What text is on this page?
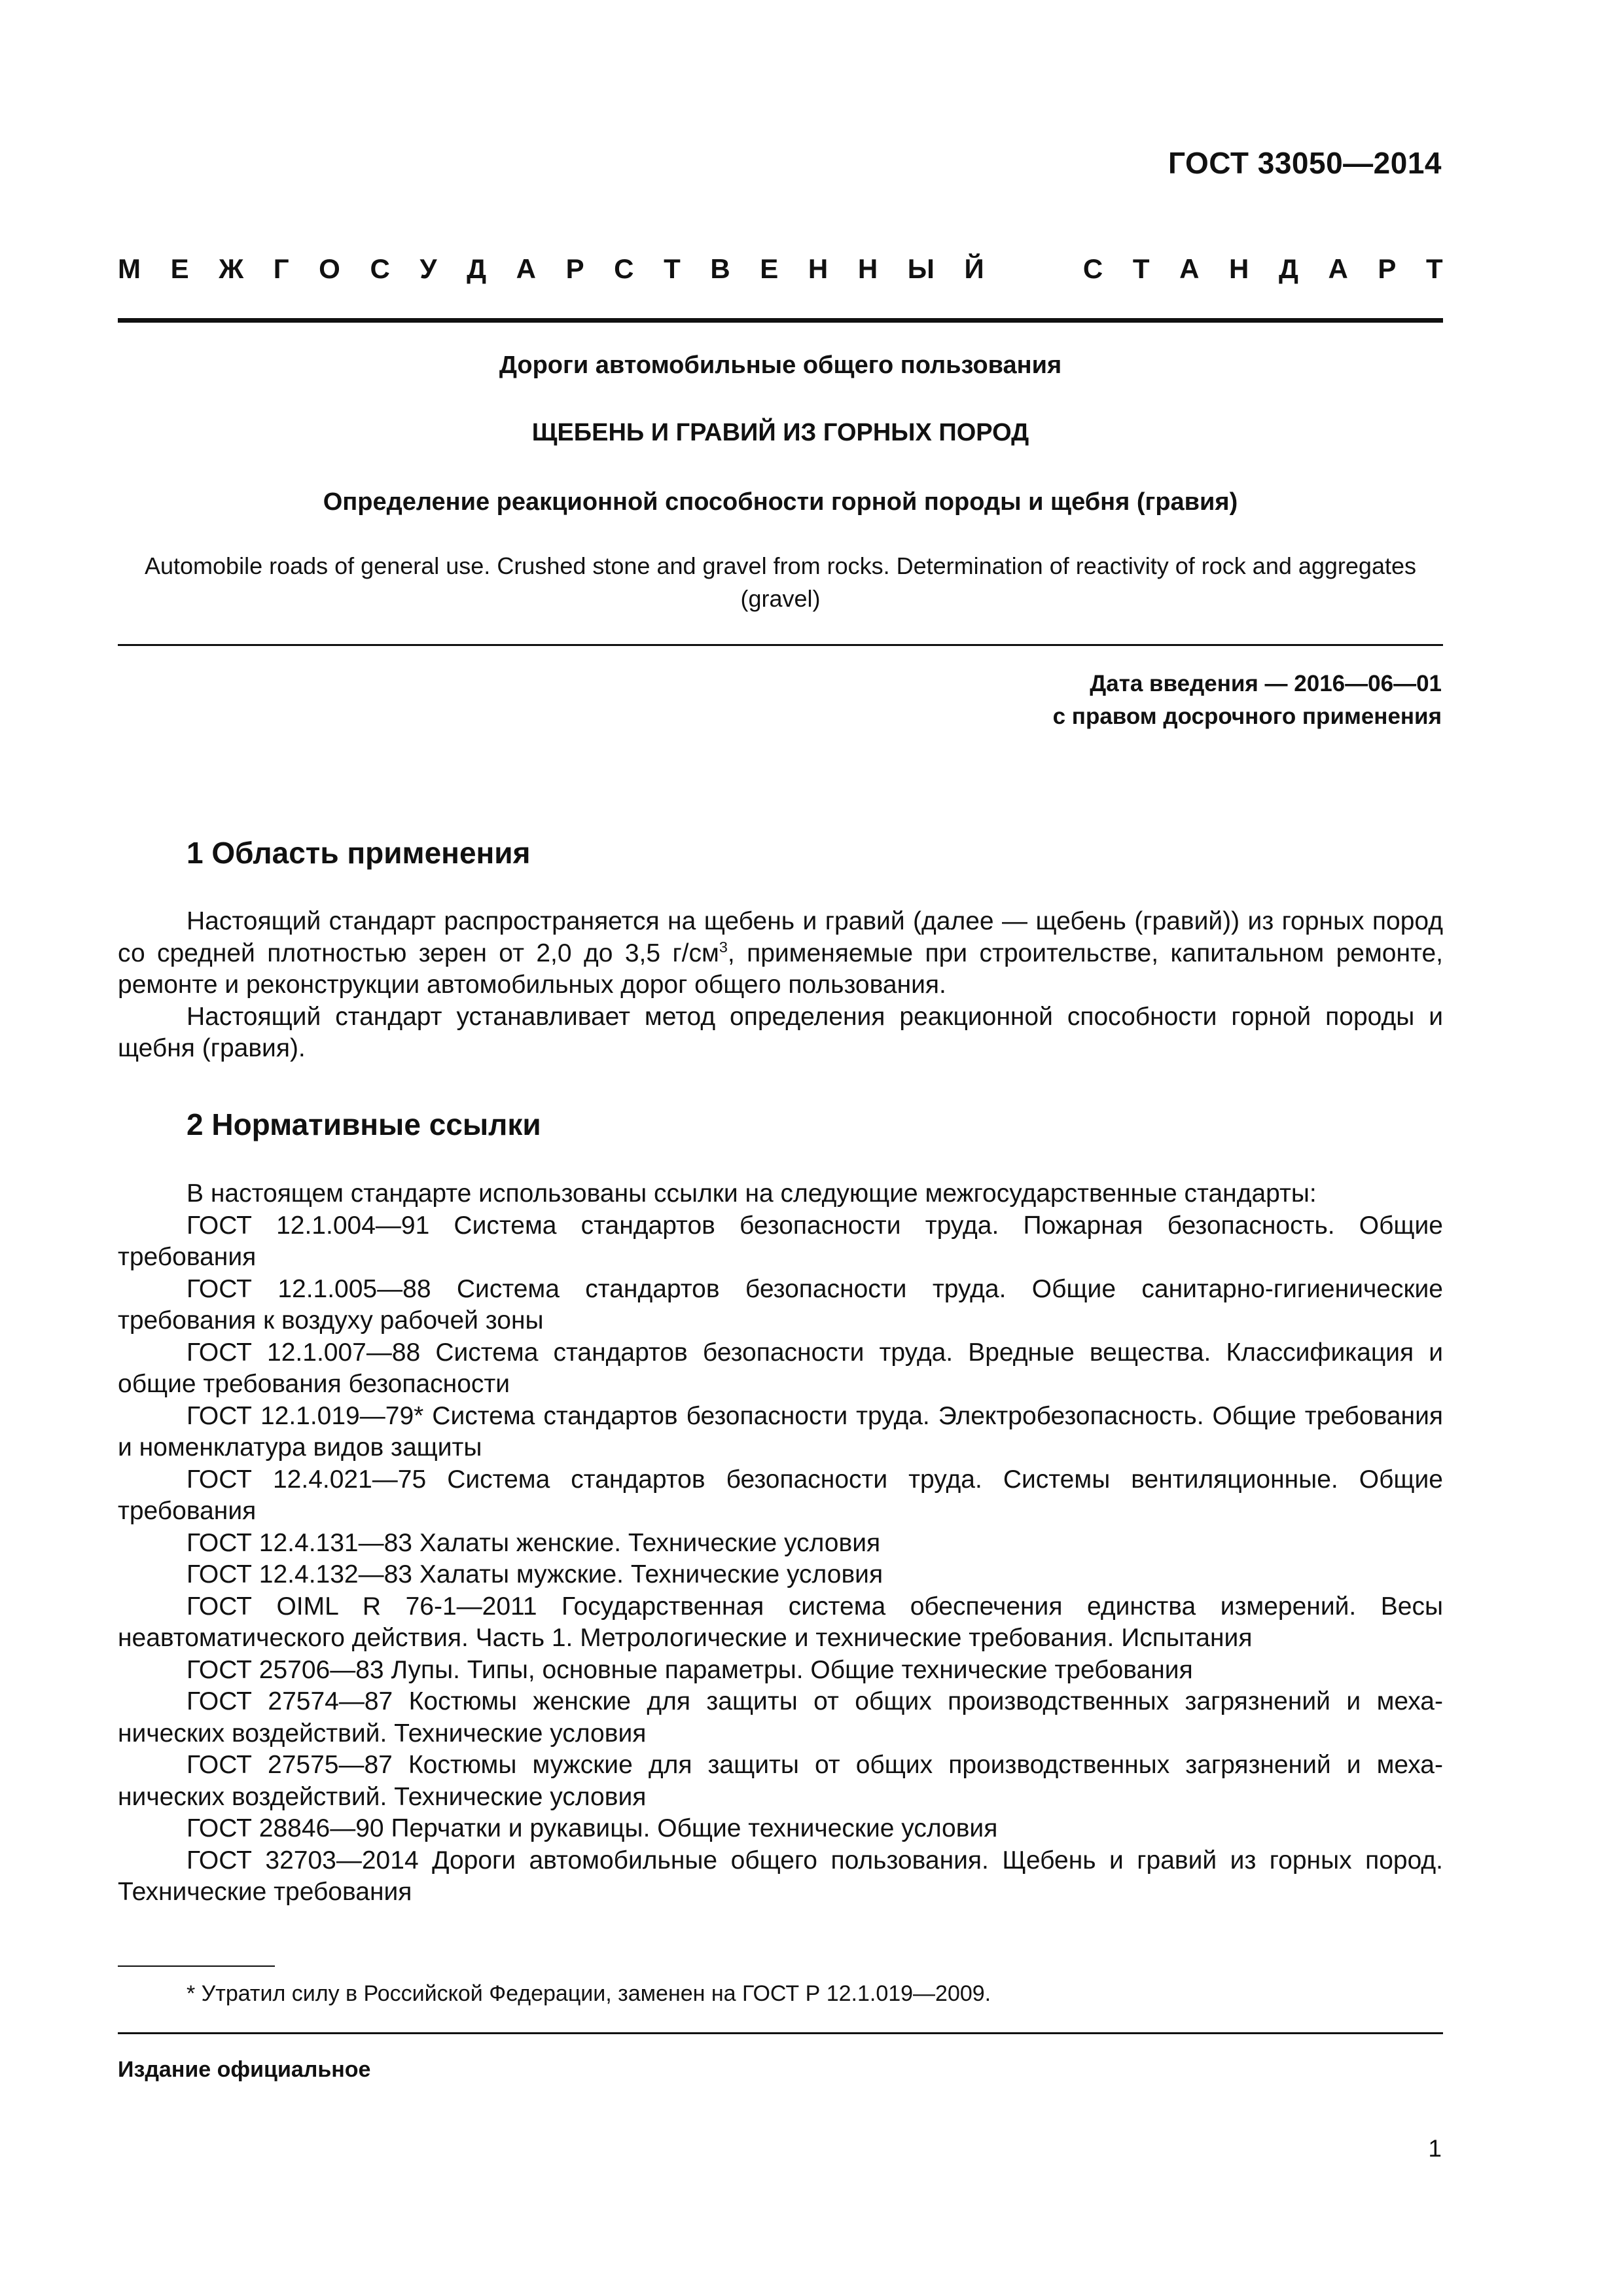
ГОСТ 33050—2014
М Е Ж Г О С У Д А Р С Т В Е Н Н Ы Й	С Т А Н Д А Р Т
Дороги автомобильные общего пользования
ЩЕБЕНЬ И ГРАВИЙ ИЗ ГОРНЫХ ПОРОД
Определение реакционной способности горной породы и щебня (гравия)
Automobile roads of general use. Crushed stone and gravel from rocks. Determination of reactivity of rock and aggregates (gravel)
Дата введения — 2016—06—01
с правом досрочного применения
1 Область применения

Настоящий стандарт распространяется на щебень и гравий (далее — щебень (гравий)) из горных пород со средней плотностью зерен от 2,0 до 3,5 $г/см^3$, применяемые при строительстве, капитальном ремонте, ремонте и реконструкции автомобильных дорог общего пользования.

Настоящий стандарт устанавливает метод определения реакционной способности горной породы и щебня (гравия).

2 Нормативные ссылки

В настоящем стандарте использованы ссылки на следующие межгосударственные стандарты:

ГОСТ 12.1.004—91 Система стандартов безопасности труда. Пожарная безопасность. Общие требования

ГОСТ 12.1.005—88 Система стандартов безопасности труда. Общие санитарно-гигиенические требования к воздуху рабочей зоны

ГОСТ 12.1.007—88 Система стандартов безопасности труда. Вредные вещества. Классификация и общие требования безопасности

ГОСТ 12.1.019—79* Система стандартов безопасности труда. Электробезопасность. Общие требования и номенклатура видов защиты

ГОСТ 12.4.021—75 Система стандартов безопасности труда. Системы вентиляционные. Общие требования

ГОСТ 12.4.131—83 Халаты женские. Технические условия

ГОСТ 12.4.132—83 Халаты мужские. Технические условия

ГОСТ OIML R 76-1—2011 Государственная система обеспечения единства измерений. Весы неавтоматического действия. Часть 1. Метрологические и технические требования. Испытания

ГОСТ 25706—83 Лупы. Типы, основные параметры. Общие технические требования

ГОСТ 27574—87 Костюмы женские для защиты от общих производственных загрязнений и механических воздействий. Технические условия

ГОСТ 27575—87 Костюмы мужские для защиты от общих производственных загрязнений и механических воздействий. Технические условия

ГОСТ 28846—90 Перчатки и рукавицы. Общие технические условия

ГОСТ 32703—2014 Дороги автомобильные общего пользования. Щебень и гравий из горных пород. Технические требования

* Утратил силу в Российской Федерации, заменен на ГОСТ Р 12.1.019—2009.
Издание официальное
1
